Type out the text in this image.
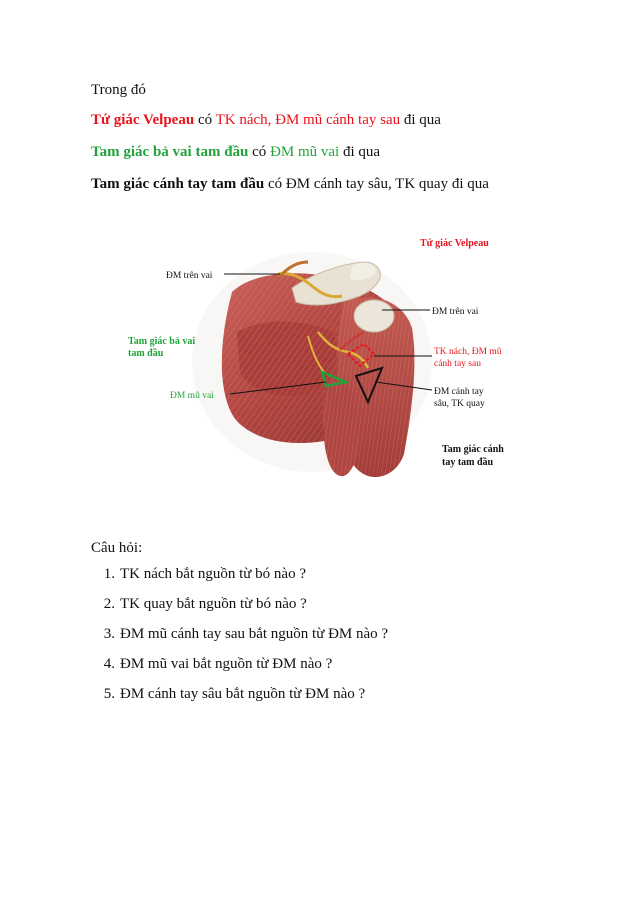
Trong đó
Tứ giác Velpeau có TK nách, ĐM mũ cánh tay sau đi qua
Tam giác bả vai tam đầu có ĐM mũ vai đi qua
Tam giác cánh tay tam đầu có ĐM cánh tay sâu, TK quay đi qua
Tứ giác Velpeau
ĐM trên vai
ĐM trên vai
Tam giác bả vai
tam đầu	TK nách, ĐM mũ
cánh tay sau
ĐM mũ vai	ĐM cánh tay
sâu, TK quay
Tam giác cánh
tay tam đầu
Câu hỏi:
1. TK nách bắt nguồn từ bó nào ?
2. TK quay bắt nguồn từ bó nào ?
3. ĐM mũ cánh tay sau bắt nguồn từ ĐM nào ?
4. ĐM mũ vai bắt nguồn từ ĐM nào ?
5. ĐM cánh tay sâu bắt nguồn từ ĐM nào ?
